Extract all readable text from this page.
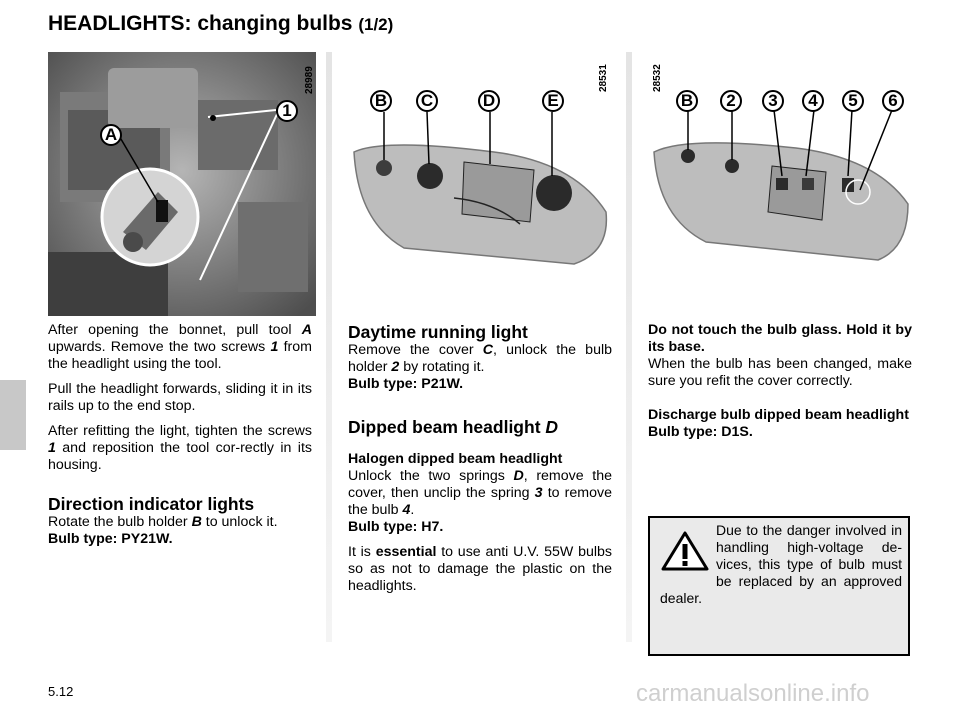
HEADLIGHTS: changing bulbs (1/2)
A
1
28989
B C	D	E
28531
B	2	3	4	5	6
28532

After opening the bonnet, pull tool A upwards. Remove the two screws 1 from the headlight using the tool.

Pull the headlight forwards, sliding it in its rails up to the end stop.

After refitting the light, tighten the screws 1 and reposition the tool cor-rectly in its housing.

Direction indicator lights

Rotate the bulb holder B to unlock it.

Bulb type: PY21W.

Daytime running light

Remove the cover C, unlock the bulb holder 2 by rotating it.

Bulb type: P21W.

Dipped beam headlight D

Halogen dipped beam headlight

Unlock the two springs D, remove the cover, then unclip the spring 3 to remove the bulb 4.

Bulb type: H7.

It is essential to use anti U.V. 55W bulbs so as not to damage the plastic on the headlights.

Do not touch the bulb glass. Hold it by its base.

When the bulb has been changed, make sure you refit the cover correctly.

Discharge bulb dipped beam headlight

Bulb type: D1S.

Due to the danger involved in handling high-voltage de-vices, this type of bulb must be replaced by an approved dealer.
5.12	carmanualsonline.info
